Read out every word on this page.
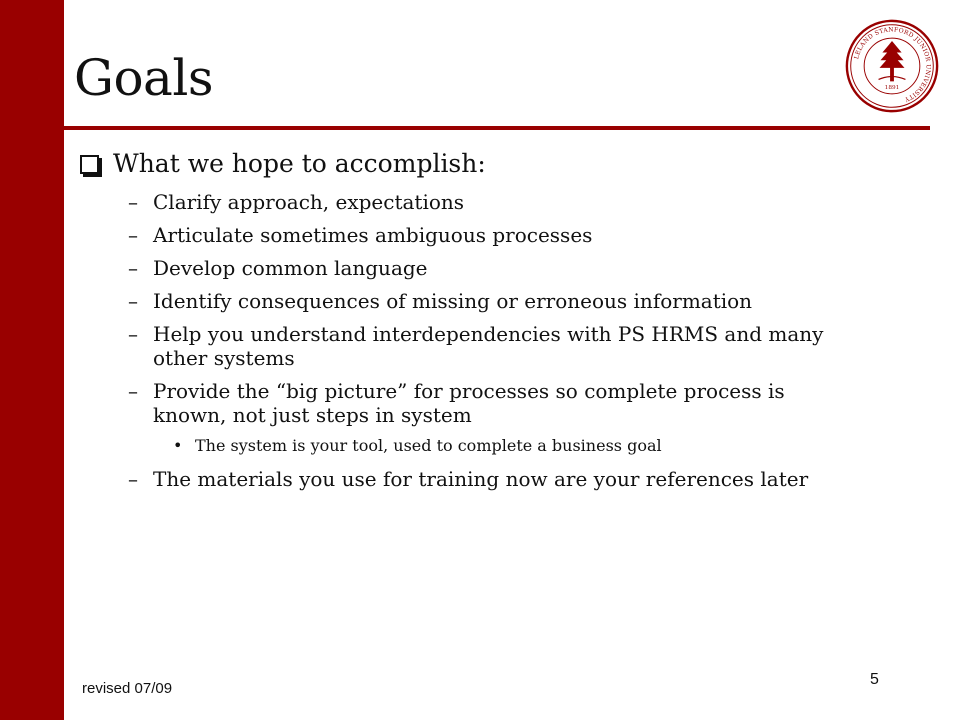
Goals	LELAND STANFORD JUNIOR UNIVERSITY
1891
What we hope to accomplish:
– Clarify approach, expectations
– Articulate sometimes ambiguous processes
– Develop common language
– Identify consequences of missing or erroneous information
– Help you understand interdependencies with PS HRMS and many other systems
– Provide the “big picture” for processes so complete process is known, not just steps in system
• The system is your tool, used to complete a business goal
– The materials you use for training now are your references later
revised 07/09
5
